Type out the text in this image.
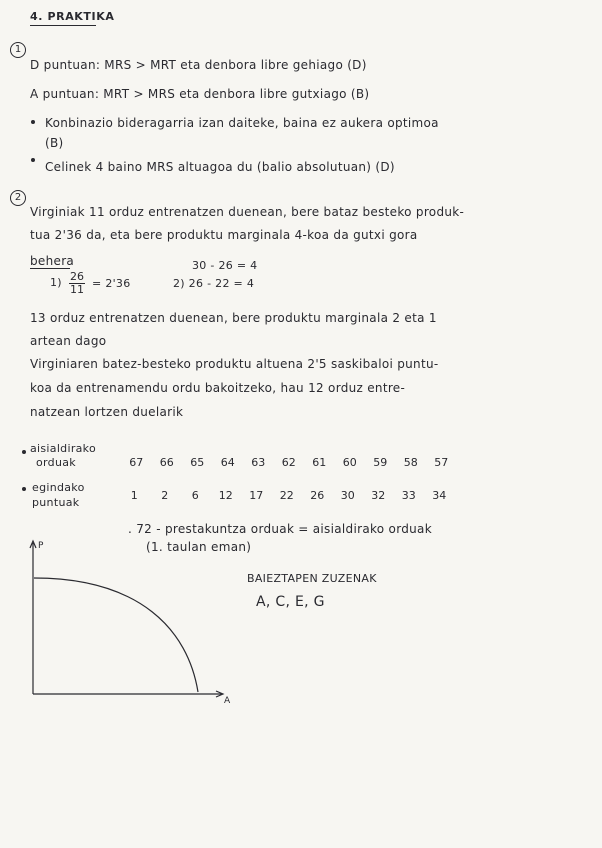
4. PRAKTIKA
1
D puntuan: MRS > MRT eta denbora libre gehiago (D)
A puntuan: MRT > MRS eta denbora libre gutxiago (B)
Konbinazio bideragarria izan daiteke, baina ez aukera optimoa
(B)
Celinek 4 baino MRS altuagoa du (balio absolutuan) (D)
2
Virginiak 11 orduz entrenatzen duenean, bere bataz besteko produk-
tua 2'36 da, eta bere produktu marginala 4-koa da gutxi gora
behera
$1) \frac{26}{11} = 2'36$
30 - 26 = 4
2) 26 - 22 = 4
13 orduz entrenatzen duenean, bere produktu marginala 2 eta 1
artean dago
Virginiaren batez-besteko produktu altuena 2'5 saskibaloi puntu-
koa da entrenamendu ordu bakoitzeko, hau 12 orduz entre-
natzean lortzen duelarik
aisialdirako
orduak	67	66	65	64	63	62	61	60	59	58	57
egindako
puntuak
1	2	6	12	17	22	26	30	32	33	34
. 72 - prestakuntza orduak = aisialdirako orduak
(1. taulan eman)
P
A
BAIEZTAPEN ZUZENAK
A, C, E, G
